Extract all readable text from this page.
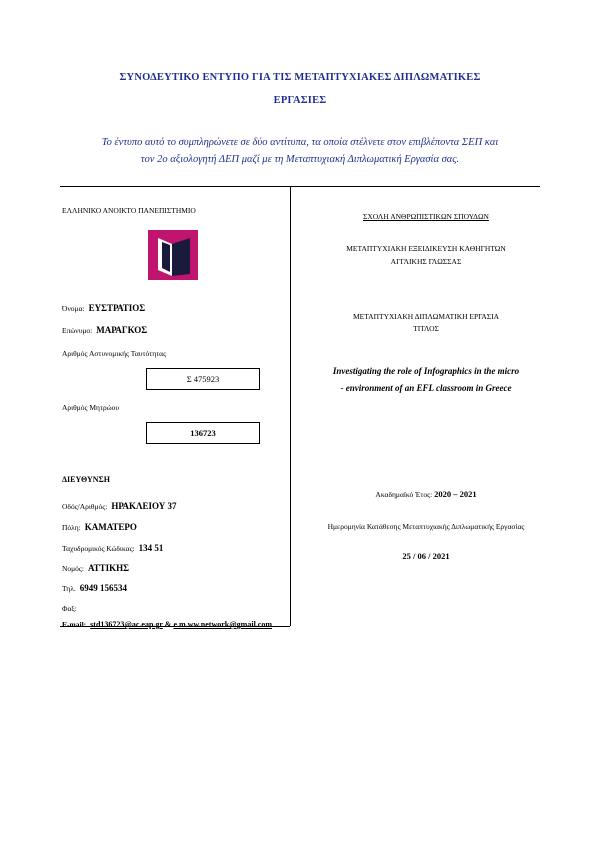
ΣΥΝΟΔΕΥΤΙΚΟ ΕΝΤΥΠΟ ΓΙΑ ΤΙΣ ΜΕΤΑΠΤΥΧΙΑΚΕΣ ΔΙΠΛΩΜΑΤΙΚΕΣ
ΕΡΓΑΣΙΕΣ
Το έντυπο αυτό το συμπληρώνετε σε δύο αντίτυπα, τα οποία στέλνετε στον επιβλέποντα ΣΕΠ και
τον 2ο αξιολογητή ΔΕΠ μαζί με τη Μεταπτυχιακή Διπλωματική Εργασία σας.
ΕΛΛΗΝΙΚΟ ΑΝΟΙΚΤΟ ΠΑΝΕΠΙΣΤΗΜΙΟ
Όνομα: ΕΥΣΤΡΑΤΙΟΣ
Επώνυμο: ΜΑΡΑΓΚΟΣ
Αριθμός Αστυνομικής Ταυτότητας
Σ 475923
Αριθμός Μητρώου
136723
ΔΙΕΥΘΥΝΣΗ
Οδός/Αριθμός: ΗΡΑΚΛΕΙΟΥ 37
Πόλη: ΚΑΜΑΤΕΡΟ
Ταχυδρομικός Κώδικας: 134 51
Νομός: ΑΤΤΙΚΗΣ
Τηλ. 6949 156534
Φαξ:
E-mail: std136723@ac.eap.gr & e.m.ww.network@gmail.com
ΣΧΟΛΗ ΑΝΘΡΩΠΙΣΤΙΚΩΝ ΣΠΟΥΔΩΝ
ΜΕΤΑΠΤΥΧΙΑΚΗ ΕΞΕΙΔΙΚΕΥΣΗ ΚΑΘΗΓΗΤΩΝ
ΑΓΓΛΙΚΗΣ ΓΛΩΣΣΑΣ
ΜΕΤΑΠΤΥΧΙΑΚΗ ΔΙΠΛΩΜΑΤΙΚΗ ΕΡΓΑΣΙΑ
ΤΙΤΛΟΣ
Investigating the role of Infographics in the micro
- environment of an EFL classroom in Greece
Ακαδημαϊκό Έτος: 2020 – 2021
Ημερομηνία Κατάθεσης Μεταπτυχιακής Διπλωματικής Εργασίας
25 / 06 / 2021
